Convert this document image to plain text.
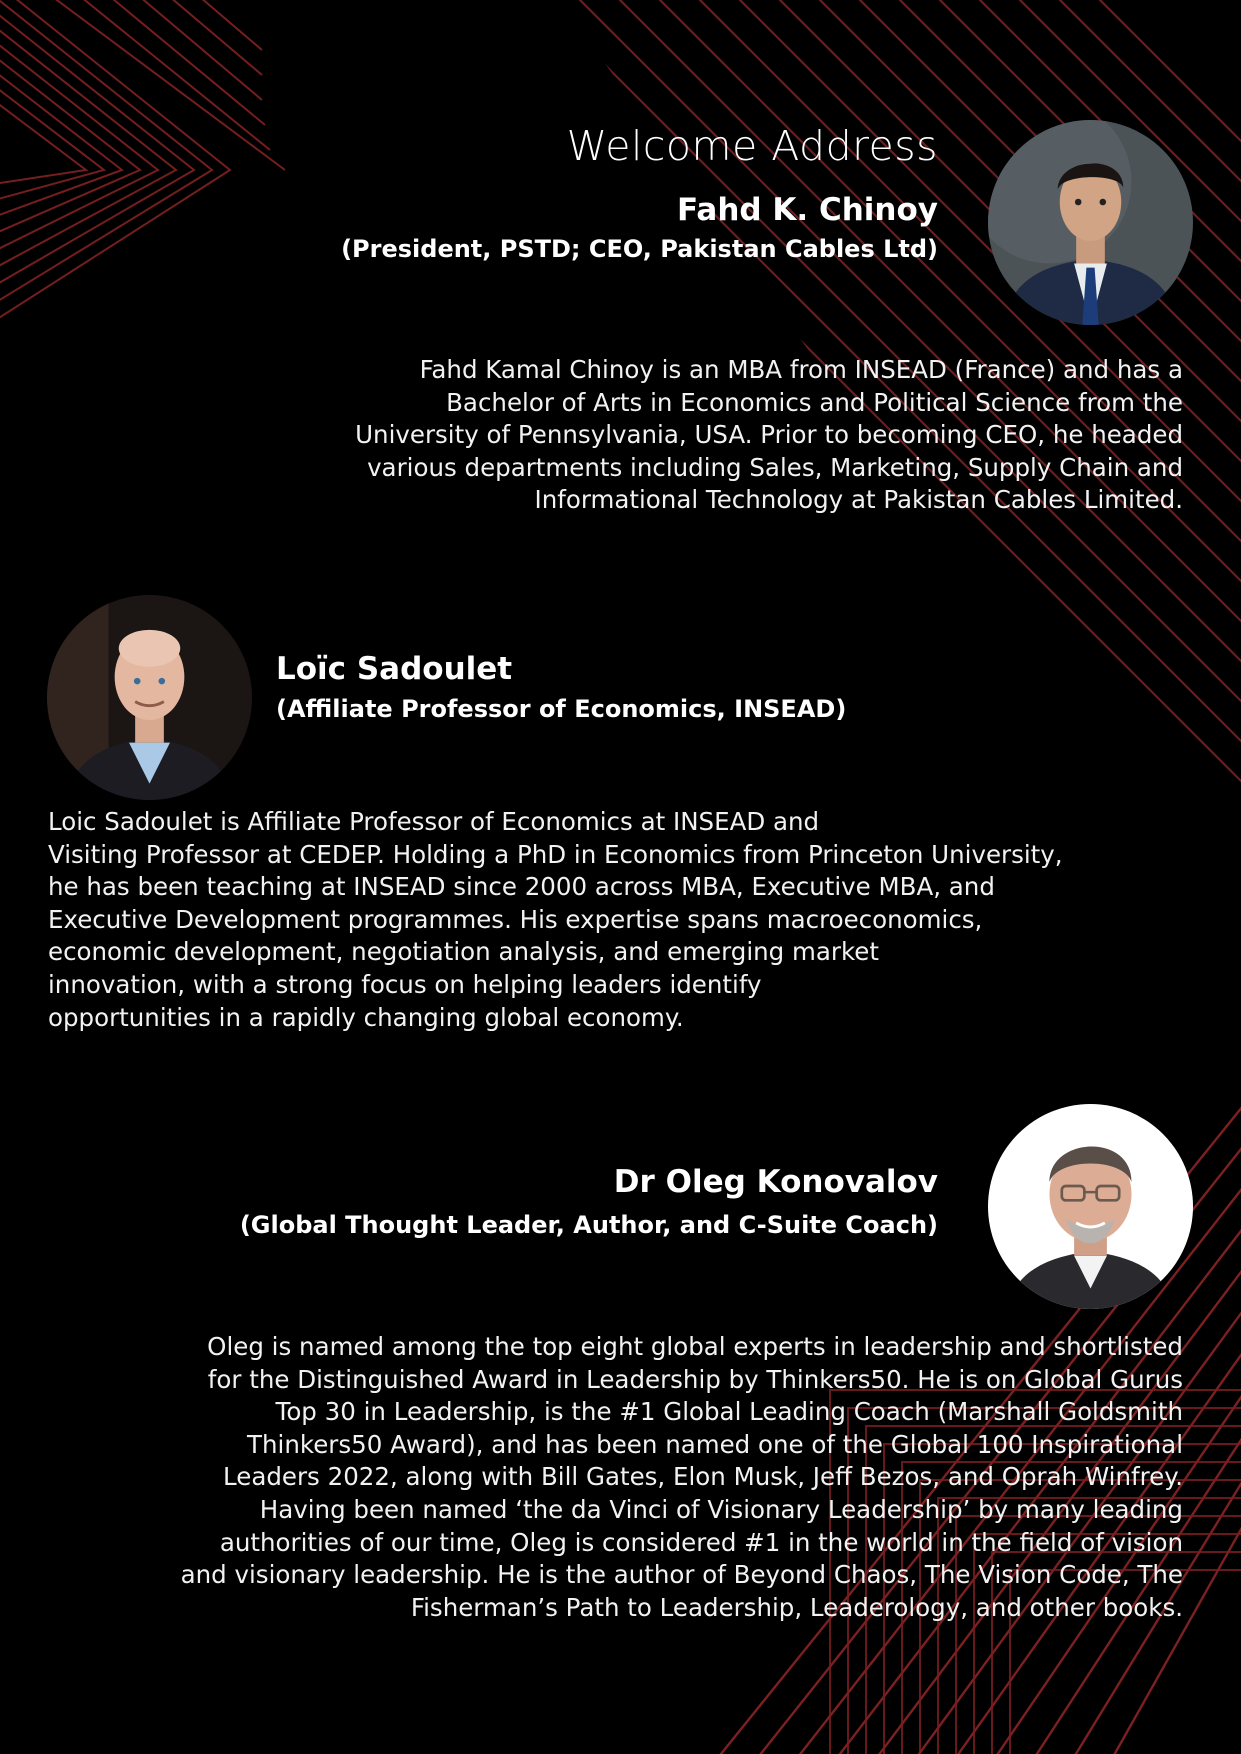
Welcome Address
Fahd K. Chinoy
(President, PSTD; CEO, Pakistan Cables Ltd)
Fahd Kamal Chinoy is an MBA from INSEAD (France) and has a
Bachelor of Arts in Economics and Political Science from the
University of Pennsylvania, USA. Prior to becoming CEO, he headed
various departments including Sales, Marketing, Supply Chain and
Informational Technology at Pakistan Cables Limited.
Loïc Sadoulet
(Affiliate Professor of Economics, INSEAD)
Loic Sadoulet is Affiliate Professor of Economics at INSEAD and
Visiting Professor at CEDEP. Holding a PhD in Economics from Princeton University,
he has been teaching at INSEAD since 2000 across MBA, Executive MBA, and
Executive Development programmes. His expertise spans macroeconomics,
economic development, negotiation analysis, and emerging market
innovation, with a strong focus on helping leaders identify
opportunities in a rapidly changing global economy.
Dr Oleg Konovalov
(Global Thought Leader, Author, and C-Suite Coach)
Oleg is named among the top eight global experts in leadership and shortlisted
for the Distinguished Award in Leadership by Thinkers50. He is on Global Gurus
Top 30 in Leadership, is the #1 Global Leading Coach (Marshall Goldsmith
Thinkers50 Award), and has been named one of the Global 100 Inspirational
Leaders 2022, along with Bill Gates, Elon Musk, Jeff Bezos, and Oprah Winfrey.
Having been named ‘the da Vinci of Visionary Leadership’ by many leading
authorities of our time, Oleg is considered #1 in the world in the field of vision
and visionary leadership. He is the author of Beyond Chaos, The Vision Code, The
Fisherman’s Path to Leadership, Leaderology, and other books.
